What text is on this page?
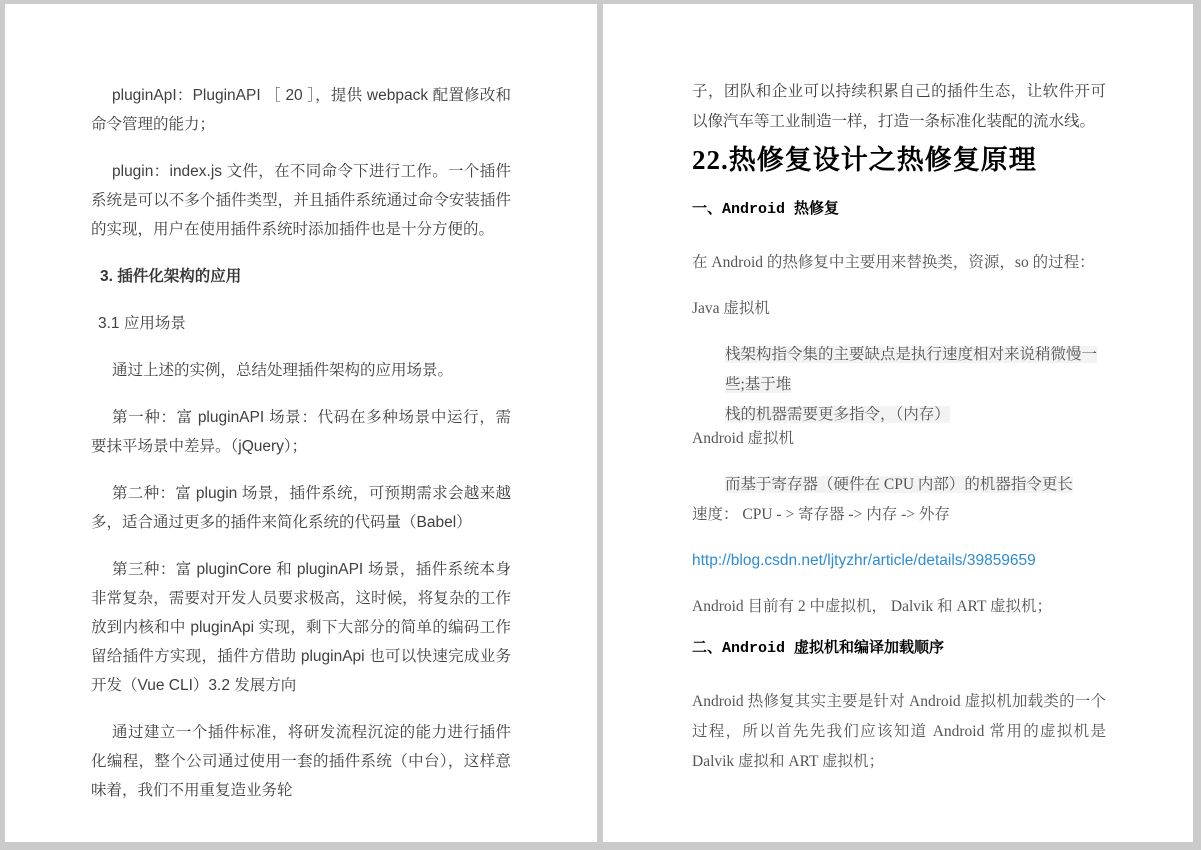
pluginApI：PluginAPI ［ 20 ］，提供 webpack 配置修改和命令管理的能力；

plugin：index.js 文件，在不同命令下进行工作。一个插件系统是可以不多个插件类型，并且插件系统通过命令安装插件的实现，用户在使用插件系统时添加插件也是十分方便的。

3. 插件化架构的应用

3.1 应用场景

通过上述的实例，总结处理插件架构的应用场景。

第一种：富 pluginAPI 场景：代码在多种场景中运行，需要抹平场景中差异。（jQuery）；

第二种：富 plugin 场景，插件系统，可预期需求会越来越多，适合通过更多的插件来简化系统的代码量（Babel）

第三种：富 pluginCore 和 pluginAPI 场景，插件系统本身非常复杂，需要对开发人员要求极高，这时候，将复杂的工作放到内核和中 pluginApi 实现，剩下大部分的简单的编码工作留给插件方实现，插件方借助 pluginApi 也可以快速完成业务开发（Vue CLI）3.2 发展方向

通过建立一个插件标准，将研发流程沉淀的能力进行插件化编程，整个公司通过使用一套的插件系统（中台），这样意味着，我们不用重复造业务轮

子，团队和企业可以持续积累自己的插件生态，让软件开可以像汽车等工业制造一样，打造一条标准化装配的流水线。

22.热修复设计之热修复原理
一、Android 热修复

在 Android 的热修复中主要用来替换类，资源，so 的过程：

Java 虚拟机

栈架构指令集的主要缺点是执行速度相对来说稍微慢一些;基于堆

栈的机器需要更多指令，（内存）

Android 虚拟机

而基于寄存器（硬件在 CPU 内部）的机器指令更长

速度： CPU - > 寄存器 -> 内存 -> 外存

http://blog.csdn.net/ljtyzhr/article/details/39859659

Android 目前有 2 中虚拟机， Dalvik 和 ART 虚拟机；

二、Android 虚拟机和编译加载顺序

Android 热修复其实主要是针对 Android 虚拟机加载类的一个过程，所以首先先我们应该知道 Android 常用的虚拟机是 Dalvik 虚拟和 ART 虚拟机；
